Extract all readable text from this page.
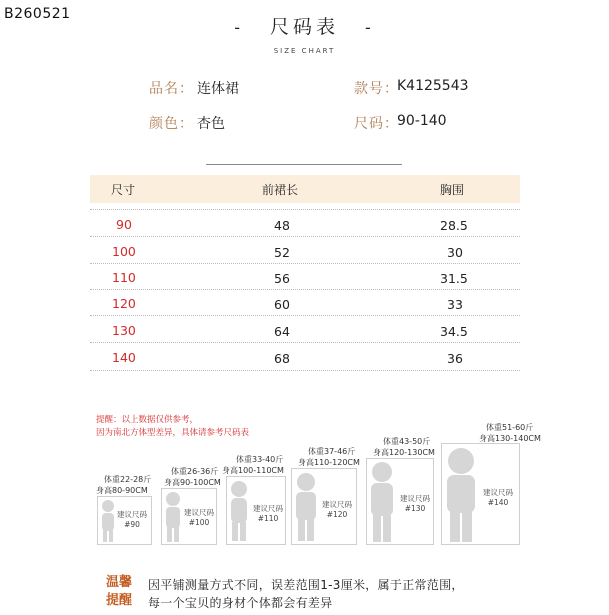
B260521
- 尺码表 -
SIZE CHART
品名： 连体裙	款号：
K4125543
颜色： 杏色	尺码：
90-140
尺寸	前裙长	胸围
90	48	28.5
100	52	30
110	56	31.5
120	60	33
130	64	34.5
140	68	36
提醒：以上数据仅供参考，
因为南北方体型差异，具体请参考尺码表
体重22-28斤
身高80-90CM
建议尺码
#90
体重26-36斤
身高90-100CM
建议尺码
#100
体重33-40斤
身高100-110CM
建议尺码
#110
体重37-46斤
身高110-120CM
建议尺码
#120
体重43-50斤
身高120-130CM
建议尺码
#130
体重51-60斤
身高130-140CM
建议尺码
#140
温馨
提醒
因平铺测量方式不同，误差范围1-3厘米，属于正常范围，
每一个宝贝的身材个体都会有差异
